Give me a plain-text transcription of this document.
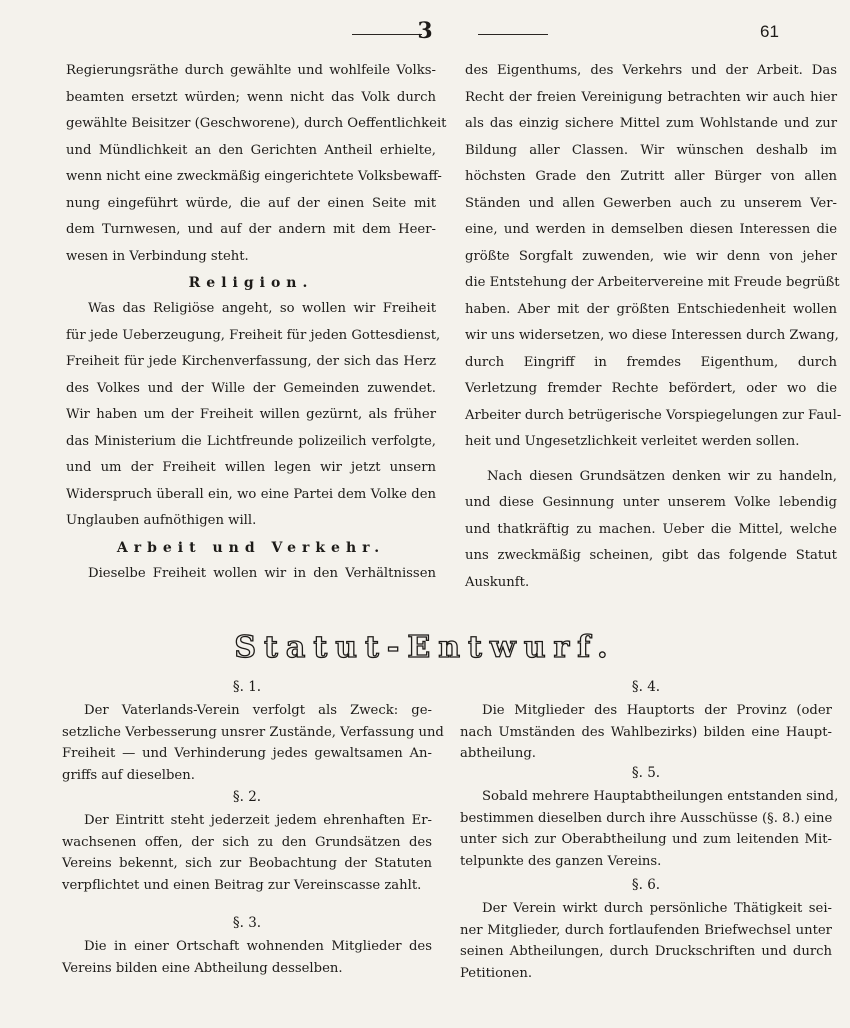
3	61

Regierungsräthe durch gewählte und wohlfeile Volks-

beamten ersetzt würden; wenn nicht das Volk durch

gewählte Beisitzer (Geschworene), durch Oeffentlichkeit

und Mündlichkeit an den Gerichten Antheil erhielte,

wenn nicht eine zweckmäßig eingerichtete Volksbewaff-

nung eingeführt würde, die auf der einen Seite mit

dem Turnwesen, und auf der andern mit dem Heer-

wesen in Verbindung steht.

Religion.

Was das Religiöse angeht, so wollen wir Freiheit

für jede Ueberzeugung, Freiheit für jeden Gottesdienst,

Freiheit für jede Kirchenverfassung, der sich das Herz

des Volkes und der Wille der Gemeinden zuwendet.

Wir haben um der Freiheit willen gezürnt, als früher

das Ministerium die Lichtfreunde polizeilich verfolgte,

und um der Freiheit willen legen wir jetzt unsern

Widerspruch überall ein, wo eine Partei dem Volke den

Unglauben aufnöthigen will.

Arbeit und Verkehr.

Dieselbe Freiheit wollen wir in den Verhältnissen

des Eigenthums, des Verkehrs und der Arbeit. Das

Recht der freien Vereinigung betrachten wir auch hier

als das einzig sichere Mittel zum Wohlstande und zur

Bildung aller Classen. Wir wünschen deshalb im

höchsten Grade den Zutritt aller Bürger von allen

Ständen und allen Gewerben auch zu unserem Ver-

eine, und werden in demselben diesen Interessen die

größte Sorgfalt zuwenden, wie wir denn von jeher

die Entstehung der Arbeitervereine mit Freude begrüßt

haben. Aber mit der größten Entschiedenheit wollen

wir uns widersetzen, wo diese Interessen durch Zwang,

durch Eingriff in fremdes Eigenthum, durch

Verletzung fremder Rechte befördert, oder wo die

Arbeiter durch betrügerische Vorspiegelungen zur Faul-

heit und Ungesetzlichkeit verleitet werden sollen.

Nach diesen Grundsätzen denken wir zu handeln,

und diese Gesinnung unter unserem Volke lebendig

und thatkräftig zu machen. Ueber die Mittel, welche

uns zweckmäßig scheinen, gibt das folgende Statut

Auskunft.

Statut-Entwurf.
§. 1.

Der Vaterlands-Verein verfolgt als Zweck: ge-

setzliche Verbesserung unsrer Zustände, Verfassung und

Freiheit — und Verhinderung jedes gewaltsamen An-

griffs auf dieselben.

§. 2.

Der Eintritt steht jederzeit jedem ehrenhaften Er-

wachsenen offen, der sich zu den Grundsätzen des

Vereins bekennt, sich zur Beobachtung der Statuten

verpflichtet und einen Beitrag zur Vereinscasse zahlt.

§. 3.

Die in einer Ortschaft wohnenden Mitglieder des

Vereins bilden eine Abtheilung desselben.

§. 4.

Die Mitglieder des Hauptorts der Provinz (oder

nach Umständen des Wahlbezirks) bilden eine Haupt-

abtheilung.

§. 5.

Sobald mehrere Hauptabtheilungen entstanden sind,

bestimmen dieselben durch ihre Ausschüsse (§. 8.) eine

unter sich zur Oberabtheilung und zum leitenden Mit-

telpunkte des ganzen Vereins.

§. 6.

Der Verein wirkt durch persönliche Thätigkeit sei-

ner Mitglieder, durch fortlaufenden Briefwechsel unter

seinen Abtheilungen, durch Druckschriften und durch

Petitionen.
